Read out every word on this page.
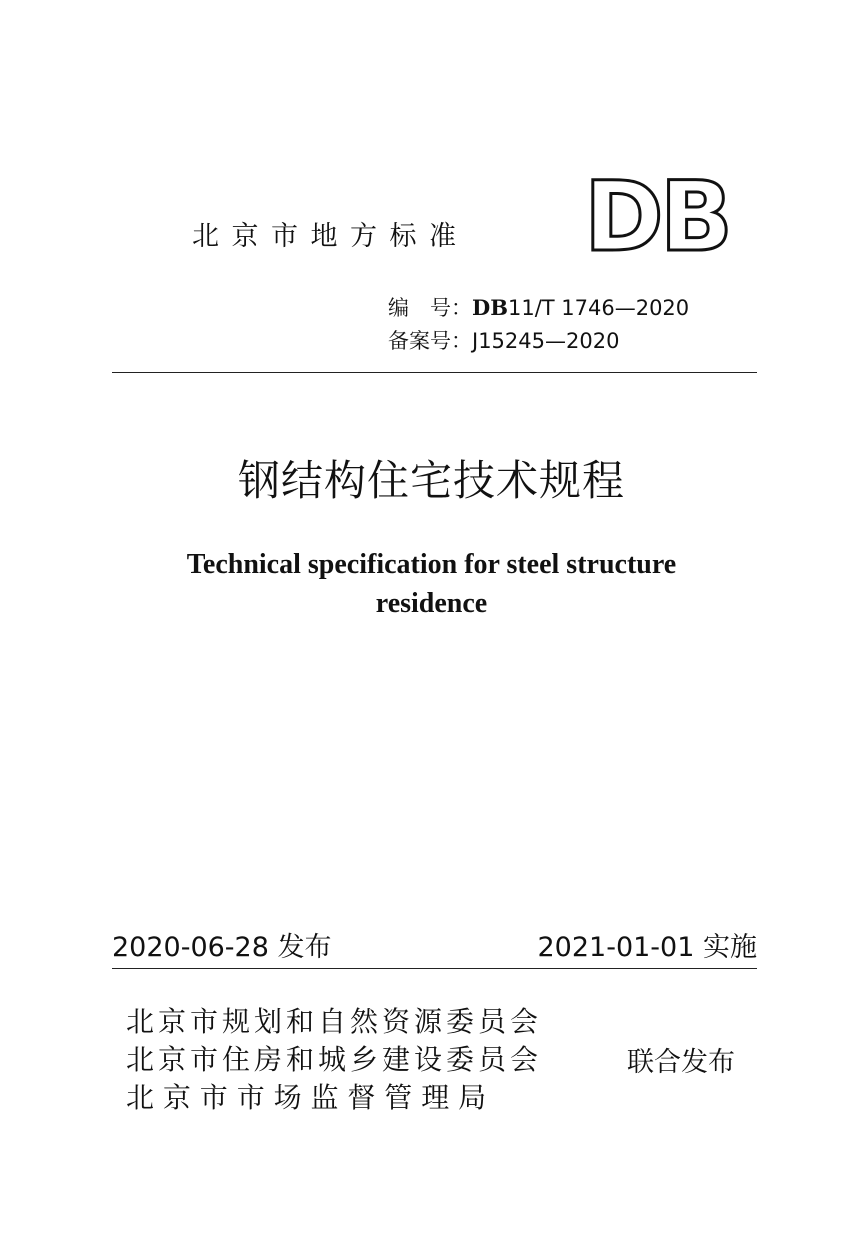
北京市地方标准 DB
编　号：DB11/T 1746—2020
备案号：J15245—2020
钢结构住宅技术规程
Technical specification for steel structure
residence
2020-06-28 发布	2021-01-01 实施
北京市规划和自然资源委员会
北京市住房和城乡建设委员会
北 京 市 市 场 监 督 管 理 局
联合发布
